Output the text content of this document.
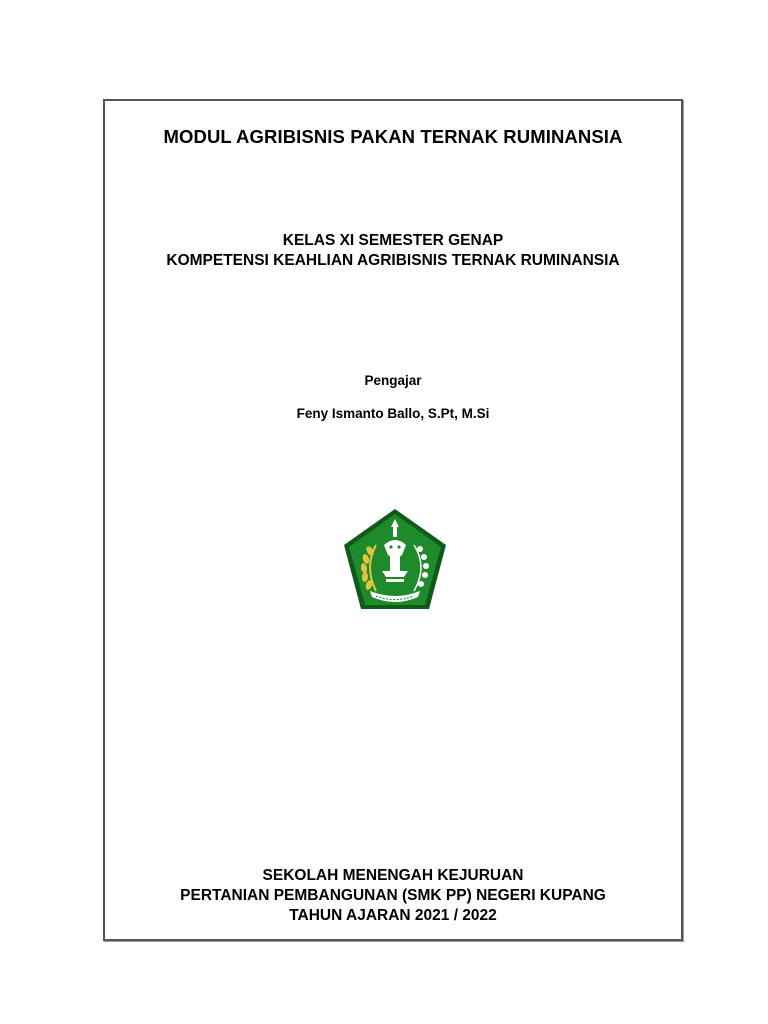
MODUL AGRIBISNIS PAKAN TERNAK RUMINANSIA
KELAS XI SEMESTER GENAP
KOMPETENSI KEAHLIAN AGRIBISNIS TERNAK RUMINANSIA
Pengajar
Feny Ismanto Ballo, S.Pt, M.Si
SEKOLAH MENENGAH KEJURUAN
PERTANIAN PEMBANGUNAN (SMK PP) NEGERI KUPANG
TAHUN AJARAN 2021 / 2022
